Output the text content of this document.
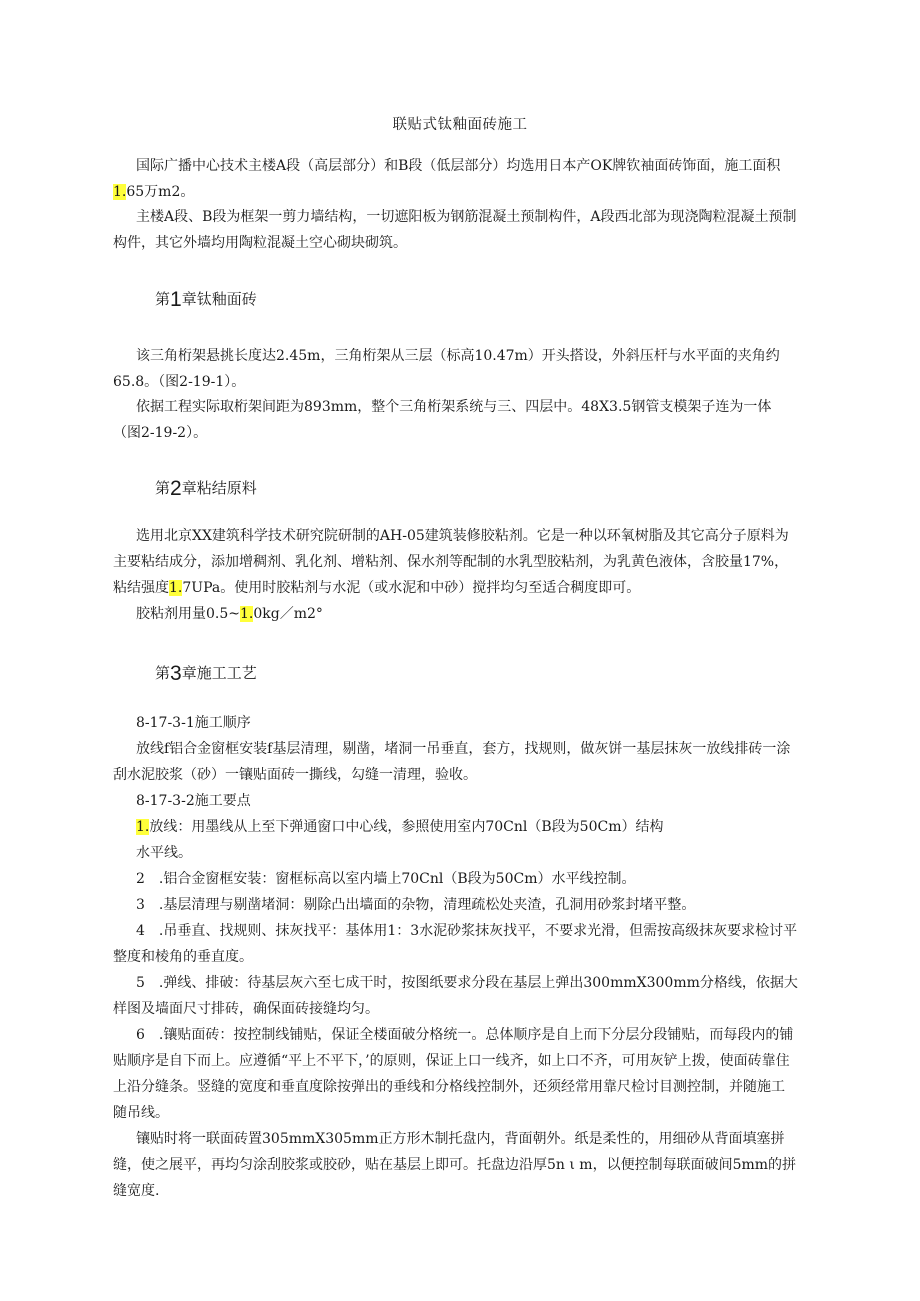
联贴式钛釉面砖施工

国际广播中心技术主楼A段（高层部分）和B段（低层部分）均选用日本产OK牌钦袖面砖饰面，施工面积1.65万m2。

主楼A段、B段为框架一剪力墙结构，一切遮阳板为钢筋混凝土预制构件，A段西北部为现浇陶粒混凝土预制构件，其它外墙均用陶粒混凝土空心砌块砌筑。

第1章钛釉面砖

该三角桁架悬挑长度达2.45m，三角桁架从三层（标高10.47m）开头搭设，外斜压杆与水平面的夹角约65.8。（图2-19-1）。

依据工程实际取桁架间距为893mm，整个三角桁架系统与三、四层中。48X3.5钢管支模架子连为一体（图2-19-2）。

第2章粘结原料

选用北京XX建筑科学技术研究院研制的AH-05建筑装修胶粘剂。它是一种以环氧树脂及其它高分子原料为主要粘结成分，添加增稠剂、乳化剂、增粘剂、保水剂等配制的水乳型胶粘剂，为乳黄色液体，含胶量17%，粘结强度1.7UPa。使用时胶粘剂与水泥（或水泥和中砂）搅拌均匀至适合稠度即可。

胶粘剂用量0.5~1.0kg／m2°

第3章施工工艺
8-17-3-1施工顺序

放线f铝合金窗框安装f基层清理，剔凿，堵洞一吊垂直，套方，找规则，做灰饼一基层抹灰一放线排砖一涂刮水泥胶浆（砂）一镶贴面砖一撕线，勾缝一清理，验收。

8-17-3-2施工要点
1.放线：用墨线从上至下弹通窗口中心线，参照使用室内70Cnl（B段为50Cm）结构
水平线。
2　.铝合金窗框安装：窗框标高以室内墙上70Cnl（B段为50Cm）水平线控制。
3　.基层清理与剔凿堵洞：剔除凸出墙面的杂物，清理疏松处夹渣，孔洞用砂浆封堵平整。

4　.吊垂直、找规则、抹灰找平：基体用1：3水泥砂浆抹灰找平，不要求光滑，但需按高级抹灰要求检讨平整度和棱角的垂直度。

5　.弹线、排破：待基层灰六至七成干时，按图纸要求分段在基层上弹出300mmX300mm分格线，依据大样图及墙面尺寸排砖，确保面砖接缝均匀。

6　.镶贴面砖：按控制线铺贴，保证全楼面破分格统一。总体顺序是自上而下分层分段铺贴，而每段内的铺贴顺序是自下而上。应遵循“平上不平下，’的原则，保证上口一线齐，如上口不齐，可用灰铲上拨，使面砖靠住上沿分缝条。竖缝的宽度和垂直度除按弹出的垂线和分格线控制外，还须经常用靠尺检讨目测控制，并随施工随吊线。

镶贴时将一联面砖置305mmX305mm正方形木制托盘内，背面朝外。纸是柔性的，用细砂从背面填塞拼缝，使之展平，再均匀涂刮胶浆或胶砂，贴在基层上即可。托盘边沿厚5n ι m，以便控制每联面破间5mm的拼缝宽度.
